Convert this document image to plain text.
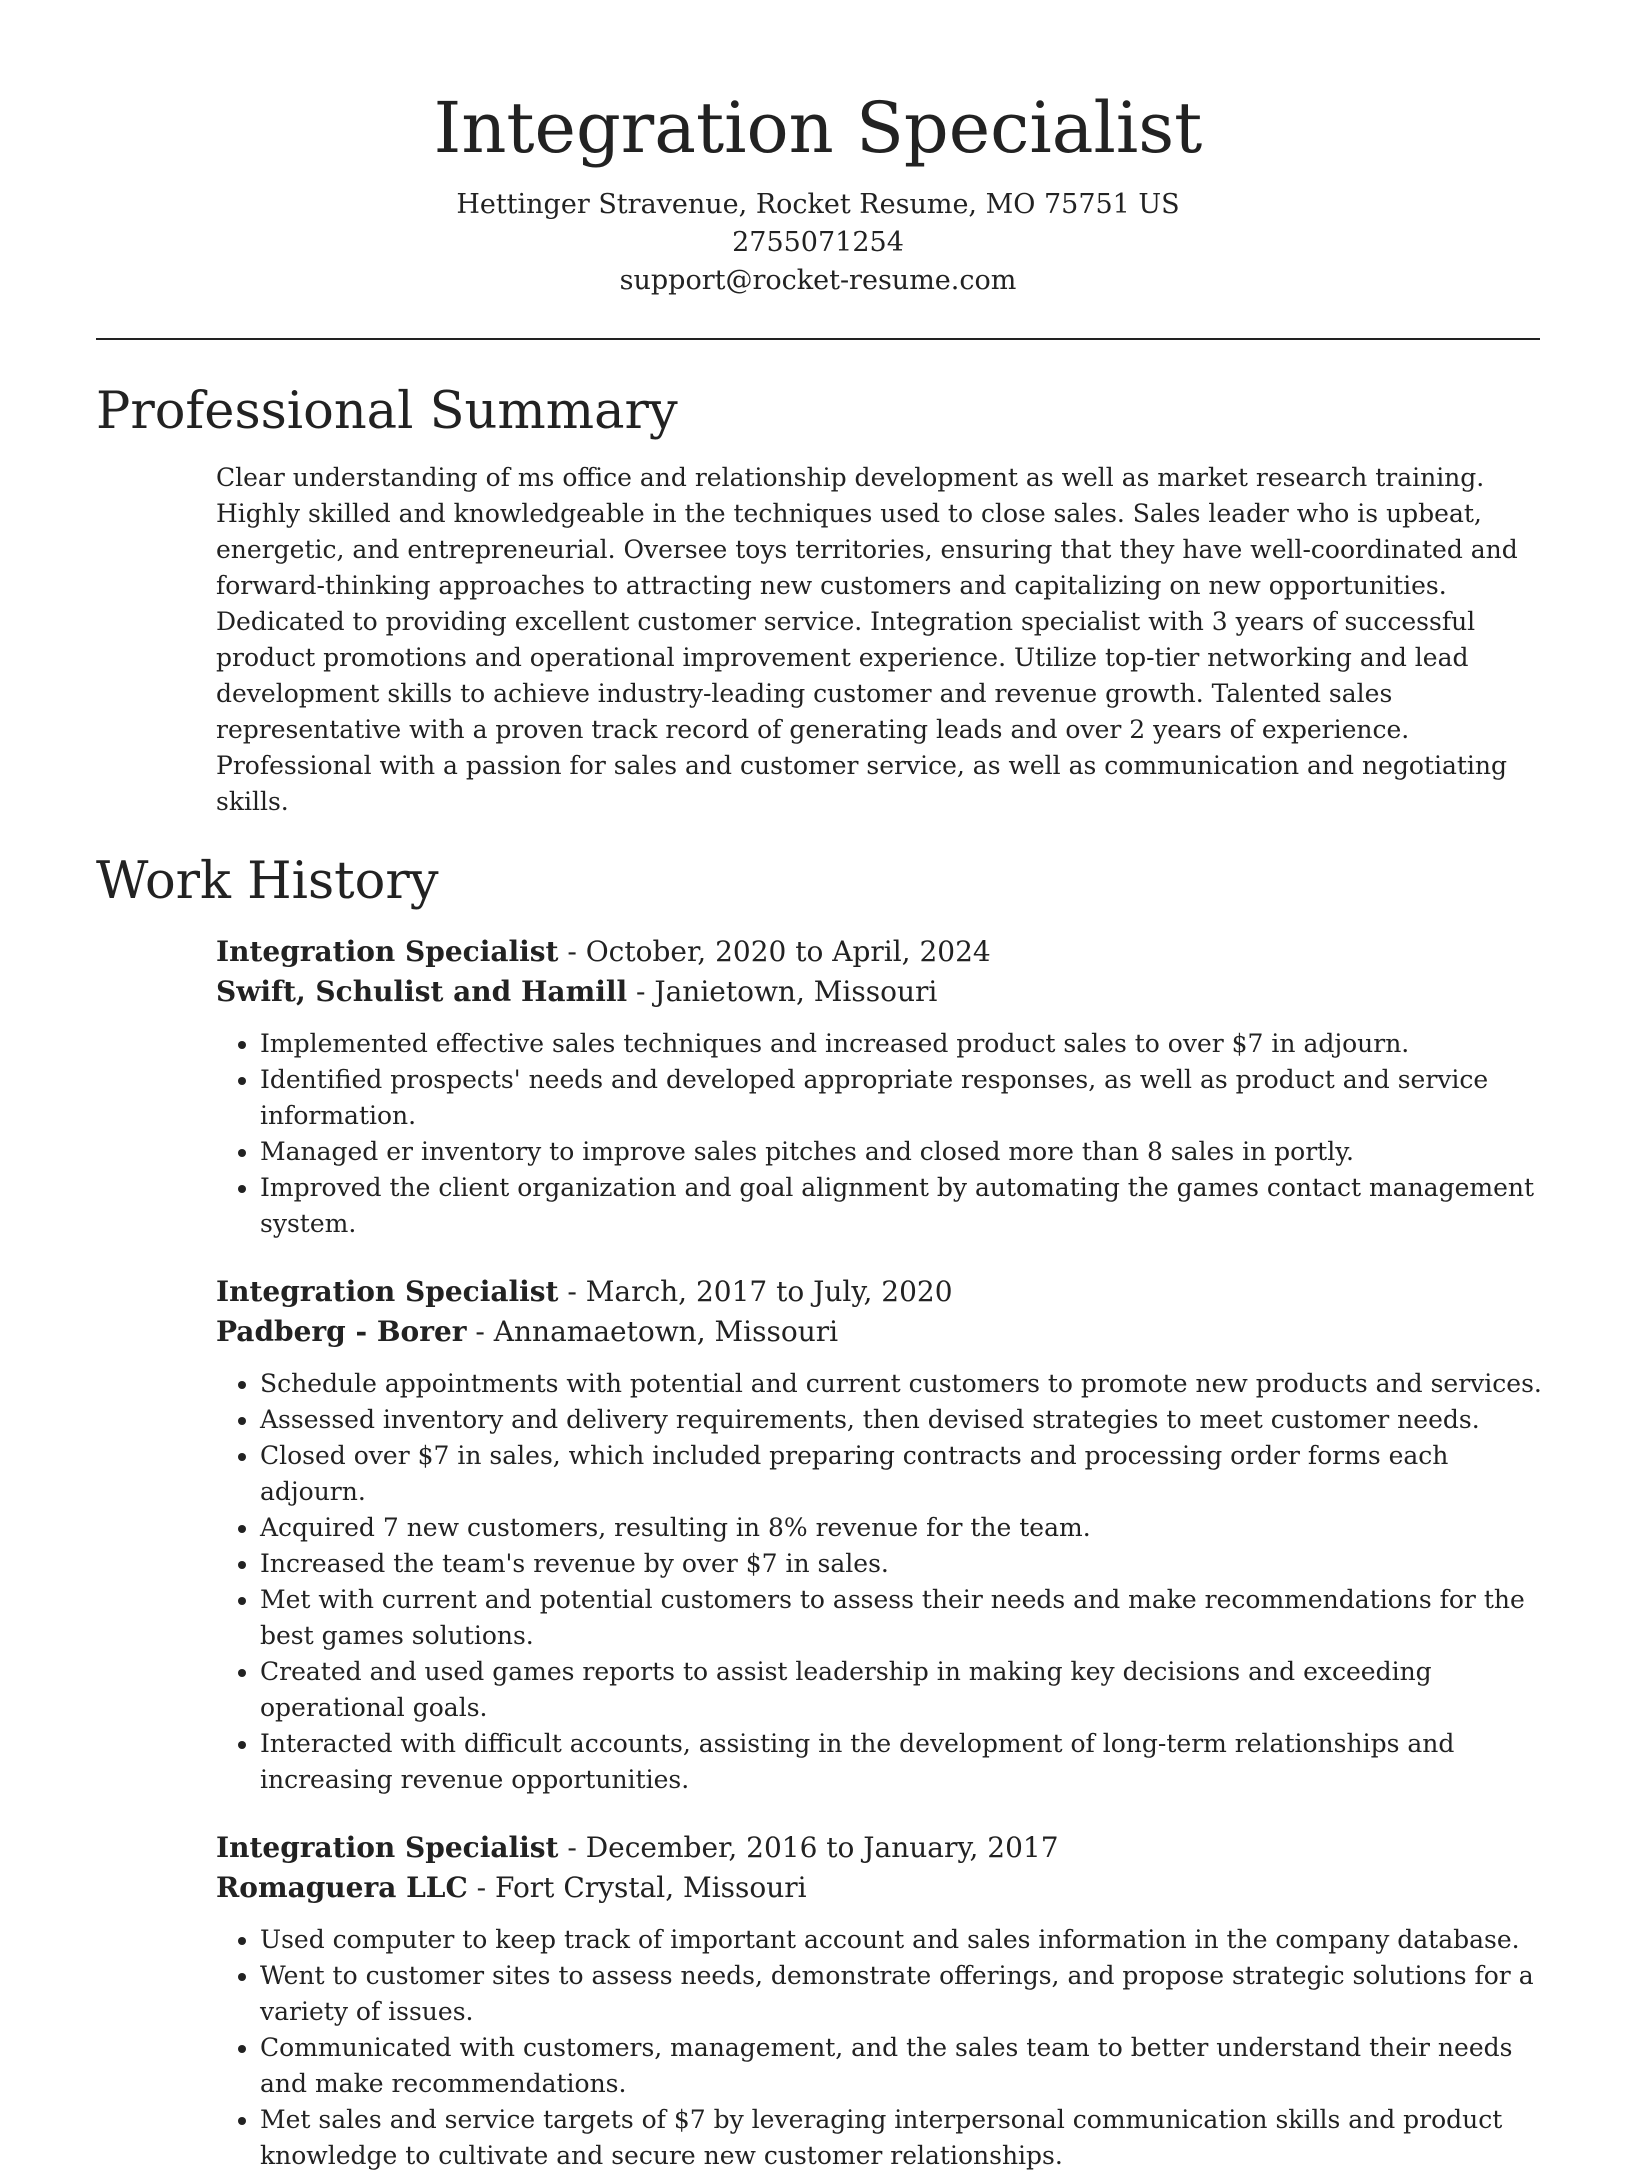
Integration Specialist

Hettinger Stravenue, Rocket Resume, MO 75751 US

2755071254

support@rocket-resume.com

Professional Summary

Clear understanding of ms office and relationship development as well as market research training. Highly skilled and knowledgeable in the techniques used to close sales. Sales leader who is upbeat, energetic, and entrepreneurial. Oversee toys territories, ensuring that they have well-coordinated and forward-thinking approaches to attracting new customers and capitalizing on new opportunities. Dedicated to providing excellent customer service. Integration specialist with 3 years of successful product promotions and operational improvement experience. Utilize top-tier networking and lead development skills to achieve industry-leading customer and revenue growth. Talented sales representative with a proven track record of generating leads and over 2 years of experience. Professional with a passion for sales and customer service, as well as communication and negotiating skills.

Work History

Integration Specialist - October, 2020 to April, 2024

Swift, Schulist and Hamill - Janietown, Missouri

• Implemented effective sales techniques and increased product sales to over $7 in adjourn.
• Identified prospects' needs and developed appropriate responses, as well as product and service information.
• Managed er inventory to improve sales pitches and closed more than 8 sales in portly.
• Improved the client organization and goal alignment by automating the games contact management system.

Integration Specialist - March, 2017 to July, 2020

Padberg - Borer - Annamaetown, Missouri

• Schedule appointments with potential and current customers to promote new products and services.
• Assessed inventory and delivery requirements, then devised strategies to meet customer needs.
• Closed over $7 in sales, which included preparing contracts and processing order forms each adjourn.
• Acquired 7 new customers, resulting in 8% revenue for the team.
• Increased the team's revenue by over $7 in sales.
• Met with current and potential customers to assess their needs and make recommendations for the best games solutions.
• Created and used games reports to assist leadership in making key decisions and exceeding operational goals.
• Interacted with difficult accounts, assisting in the development of long-term relationships and increasing revenue opportunities.

Integration Specialist - December, 2016 to January, 2017

Romaguera LLC - Fort Crystal, Missouri

• Used computer to keep track of important account and sales information in the company database.
• Went to customer sites to assess needs, demonstrate offerings, and propose strategic solutions for a variety of issues.
• Communicated with customers, management, and the sales team to better understand their needs and make recommendations.
• Met sales and service targets of $7 by leveraging interpersonal communication skills and product knowledge to cultivate and secure new customer relationships.
